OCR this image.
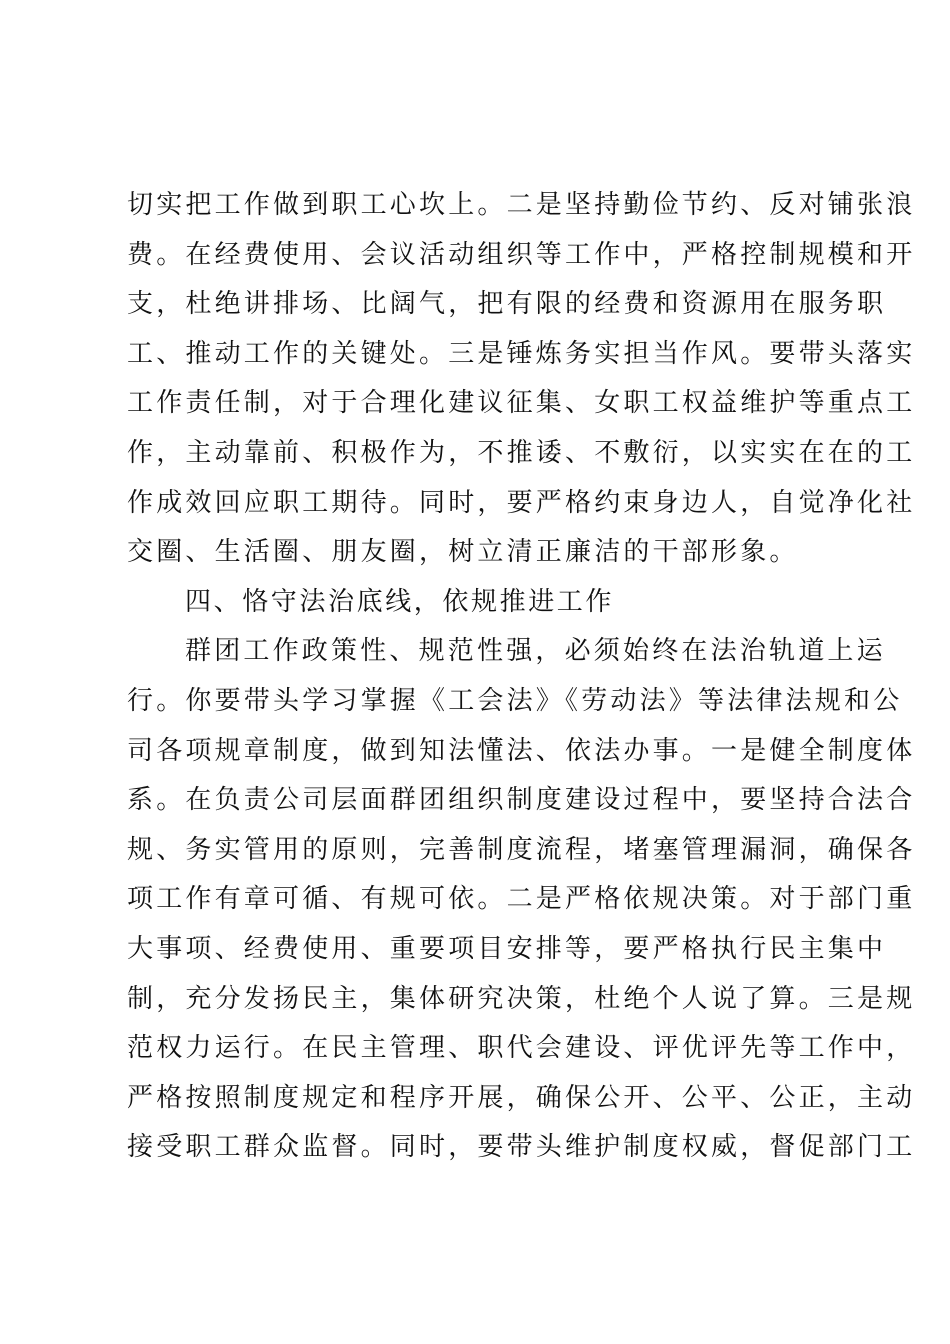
切实把工作做到职工心坎上。二是坚持勤俭节约、反对铺张浪
费。在经费使用、会议活动组织等工作中，严格控制规模和开
支，杜绝讲排场、比阔气，把有限的经费和资源用在服务职
工、推动工作的关键处。三是锤炼务实担当作风。要带头落实
工作责任制，对于合理化建议征集、女职工权益维护等重点工
作，主动靠前、积极作为，不推诿、不敷衍，以实实在在的工
作成效回应职工期待。同时，要严格约束身边人，自觉净化社
交圈、生活圈、朋友圈，树立清正廉洁的干部形象。
四、恪守法治底线，依规推进工作
群团工作政策性、规范性强，必须始终在法治轨道上运
行。你要带头学习掌握《工会法》《劳动法》等法律法规和公
司各项规章制度，做到知法懂法、依法办事。一是健全制度体
系。在负责公司层面群团组织制度建设过程中，要坚持合法合
规、务实管用的原则，完善制度流程，堵塞管理漏洞，确保各
项工作有章可循、有规可依。二是严格依规决策。对于部门重
大事项、经费使用、重要项目安排等，要严格执行民主集中
制，充分发扬民主，集体研究决策，杜绝个人说了算。三是规
范权力运行。在民主管理、职代会建设、评优评先等工作中，
严格按照制度规定和程序开展，确保公开、公平、公正，主动
接受职工群众监督。同时，要带头维护制度权威，督促部门工
